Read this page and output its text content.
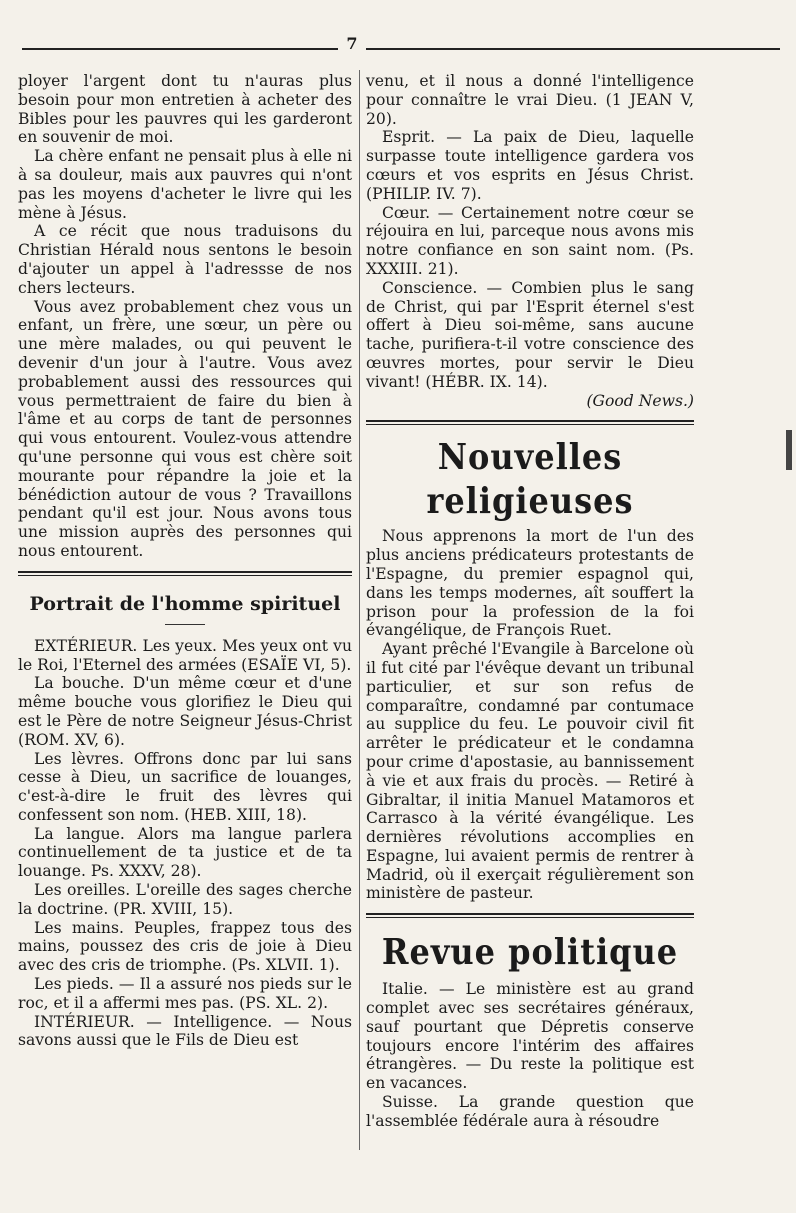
7

ployer l'argent dont tu n'auras plus besoin pour mon entretien à acheter des Bibles pour les pauvres qui les garderont en souvenir de moi.

La chère enfant ne pensait plus à elle ni à sa douleur, mais aux pauvres qui n'ont pas les moyens d'acheter le livre qui les mène à Jésus.

A ce récit que nous traduisons du Christian Hérald nous sentons le besoin d'ajouter un appel à l'adressse de nos chers lecteurs.

Vous avez probablement chez vous un enfant, un frère, une sœur, un père ou une mère malades, ou qui peuvent le devenir d'un jour à l'autre. Vous avez probablement aussi des ressources qui vous permettraient de faire du bien à l'âme et au corps de tant de personnes qui vous entourent. Voulez-vous attendre qu'une personne qui vous est chère soit mourante pour répandre la joie et la bénédiction autour de vous ? Travaillons pendant qu'il est jour. Nous avons tous une mission auprès des personnes qui nous entourent.

Portrait de l'homme spirituel

EXTÉRIEUR. Les yeux. Mes yeux ont vu le Roi, l'Eternel des armées (ESAÏE VI, 5).

La bouche. D'un même cœur et d'une même bouche vous glorifiez le Dieu qui est le Père de notre Seigneur Jésus-Christ (ROM. XV, 6).

Les lèvres. Offrons donc par lui sans cesse à Dieu, un sacrifice de louanges, c'est-à-dire le fruit des lèvres qui confessent son nom. (HEB. XIII, 18).

La langue. Alors ma langue parlera continuellement de ta justice et de ta louange. Ps. XXXV, 28).

Les oreilles. L'oreille des sages cherche la doctrine. (PR. XVIII, 15).

Les mains. Peuples, frappez tous des mains, poussez des cris de joie à Dieu avec des cris de triomphe. (Ps. XLVII. 1).

Les pieds. — Il a assuré nos pieds sur le roc, et il a affermi mes pas. (PS. XL. 2).

INTÉRIEUR. — Intelligence. — Nous savons aussi que le Fils de Dieu est

venu, et il nous a donné l'intelligence pour connaître le vrai Dieu. (1 JEAN V, 20).

Esprit. — La paix de Dieu, laquelle surpasse toute intelligence gardera vos cœurs et vos esprits en Jésus Christ. (PHILIP. IV. 7).

Cœur. — Certainement notre cœur se réjouira en lui, parceque nous avons mis notre confiance en son saint nom. (Ps. XXXIII. 21).

Conscience. — Combien plus le sang de Christ, qui par l'Esprit éternel s'est offert à Dieu soi-même, sans aucune tache, purifiera-t-il votre conscience des œuvres mortes, pour servir le Dieu vivant! (HÉBR. IX. 14).

(Good News.)

Nouvelles religieuses

Nous apprenons la mort de l'un des plus anciens prédicateurs protestants de l'Espagne, du premier espagnol qui, dans les temps modernes, aît souffert la prison pour la profession de la foi évangélique, de François Ruet.

Ayant prêché l'Evangile à Barcelone où il fut cité par l'évêque devant un tribunal particulier, et sur son refus de comparaître, condamné par contumace au supplice du feu. Le pouvoir civil fit arrêter le prédicateur et le condamna pour crime d'apostasie, au bannissement à vie et aux frais du procès. — Retiré à Gibraltar, il initia Manuel Matamoros et Carrasco à la vérité évangélique. Les dernières révolutions accomplies en Espagne, lui avaient permis de rentrer à Madrid, où il exerçait régulièrement son ministère de pasteur.

Revue politique

Italie. — Le ministère est au grand complet avec ses secrétaires généraux, sauf pourtant que Dépretis conserve toujours encore l'intérim des affaires étrangères. — Du reste la politique est en vacances.

Suisse. La grande question que l'assemblée fédérale aura à résoudre
